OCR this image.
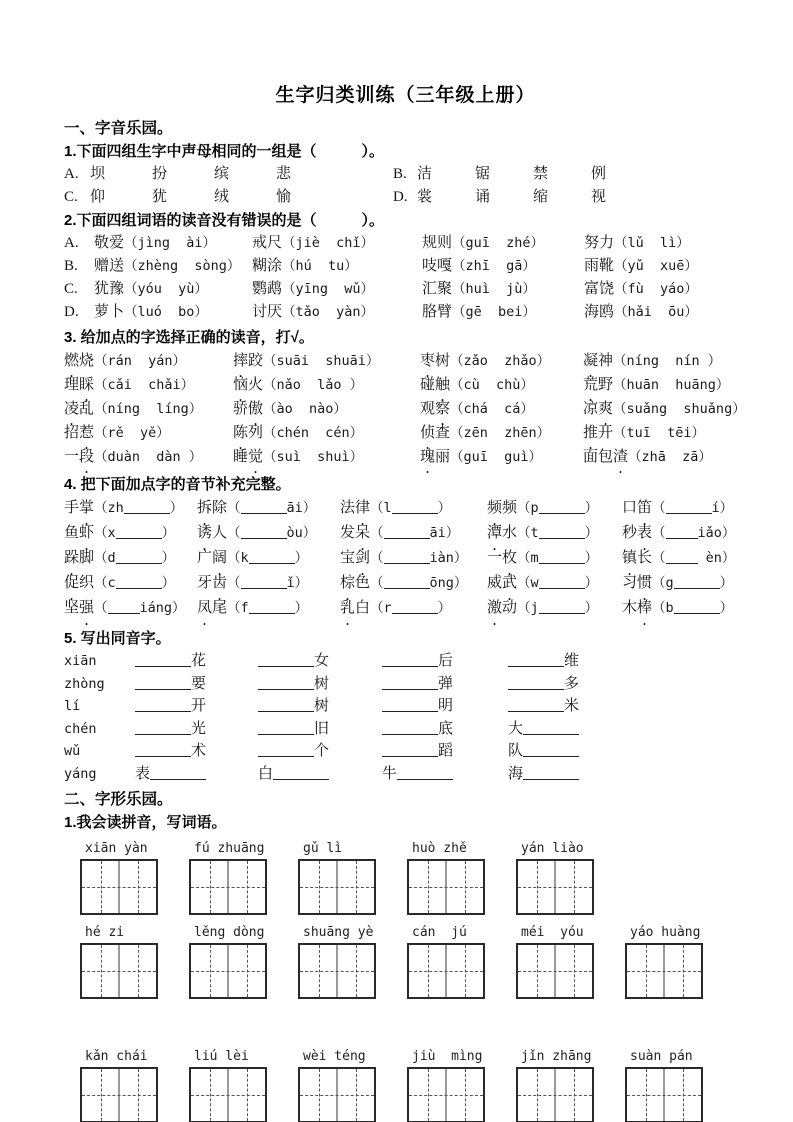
生字归类训练（三年级上册）
一、字音乐园。
1.下面四组生字中声母相同的一组是（　　　）。
A. 坝	扮	缤	悲	B. 洁	锯	禁	例
C. 仰	犹	绒	愉	D. 裳	诵	缩	视
2.下面四组词语的读音没有错误的是（　　　）。
A.	敬爱（jìng  ài）	戒尺（jiè  chǐ）	规则（guī  zhé）	努力（lǔ  lì）
B.	赠送（zhèng  sòng） 糊涂（hú  tu）	吱嘎（zhī  gā）	雨靴（yǔ  xuē）
C.	犹豫（yóu  yù）	鹦鹉（yīng  wǔ）	汇聚（huì  jù）	富饶（fù  yáo）
D.	萝卜（luó  bo）	讨厌（tǎo  yàn）	胳臂（gē  bei）	海鸥（hǎi  ōu）
3. 给加点的字选择正确的读音，打√。
燃烧（rán  yán）	摔跤（suāi  shuāi）	枣树（zǎo  zhǎo）	凝神（níng  nín ）
理睬（cǎi  chǎi）	恼火（nǎo  lǎo ）	碰触（cù  chù）	荒野（huān  huāng）
凌乱（níng  líng）	骄傲（ào  nào）	观察（chá  cá）	凉爽（suǎng  shuǎng）
招惹（rě  yě）	陈列（chén  cén）	侦查（zēn  zhēn）	推开（tuī  tēi）
一段（duàn  dàn ）	睡觉（suì  shuì）	瑰丽（guī  guì）	面包渣（zhā  zā）
4. 把下面加点字的音节补充完整。
手掌（zh	） 拆除（	āi）	法律（l	）	频频（p	）	口笛（	í）
鱼虾（x	）	诱人（	òu）	发呆（	āi）	潭水（t	）	秒表（ iǎo）
跺脚（d	）	广阔（k	）	宝剑（	iàn）	一枚（m	）	镇长（ èn）
促织（c	）	牙齿（	ǐ）	棕色（	ōng）	威武（w	）	习惯（g	）
坚强（ iáng） 凤尾（f	）	乳白（r	）	激动（j	）	木棒（b	）
5. 写出同音字。
xiān	花	女	后	维
zhòng	要	树	弹	多
lí	开	树	明	米
chén	光	旧	底	大
wǔ	术	个	蹈	队
yáng	表	白	牛	海
二、字形乐园。
1.我会读拼音，写词语。
xiān yàn	fú zhuāng	gǔ lì	huò zhě	yán liào
hé zi	lěng dòng	shuāng yè	cán  jú	méi  yóu	yáo huàng
kǎn chái	liú lèi	wèi téng	jiù  mìng	jǐn zhāng	suàn pán
